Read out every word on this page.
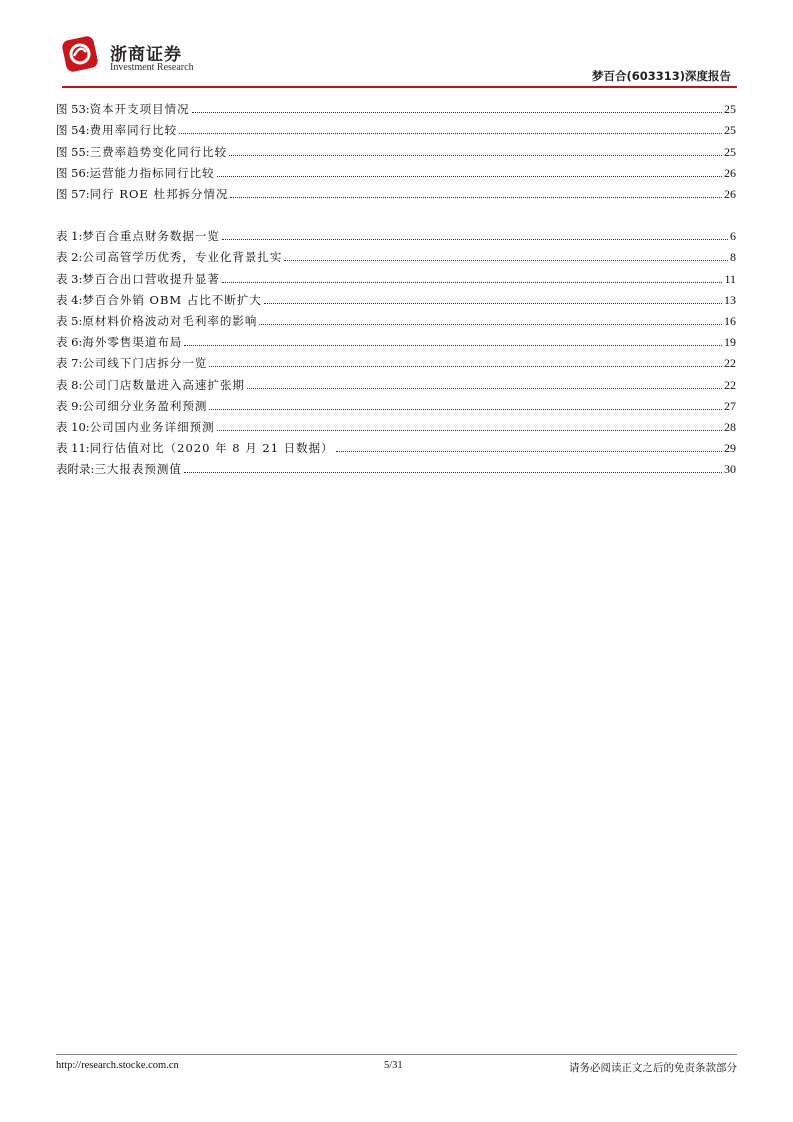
浙商证券
Investment Research
梦百合(603313)深度报告
图 53: 资本开支项目情况	25
图 54: 费用率同行比较	25
图 55: 三费率趋势变化同行比较	25
图 56: 运营能力指标同行比较	26
图 57: 同行 ROE 杜邦拆分情况	26
表 1: 梦百合重点财务数据一览	6
表 2: 公司高管学历优秀，专业化背景扎实	8
表 3: 梦百合出口营收提升显著	11
表 4: 梦百合外销 OBM 占比不断扩大	13
表 5: 原材料价格波动对毛利率的影响	16
表 6: 海外零售渠道布局	19
表 7: 公司线下门店拆分一览	22
表 8: 公司门店数量进入高速扩张期	22
表 9: 公司细分业务盈利预测	27
表 10: 公司国内业务详细预测	28
表 11: 同行估值对比（2020 年 8 月 21 日数据）	29
表附录: 三大报表预测值	30
http://research.stocke.com.cn	5/31	请务必阅读正文之后的免责条款部分
